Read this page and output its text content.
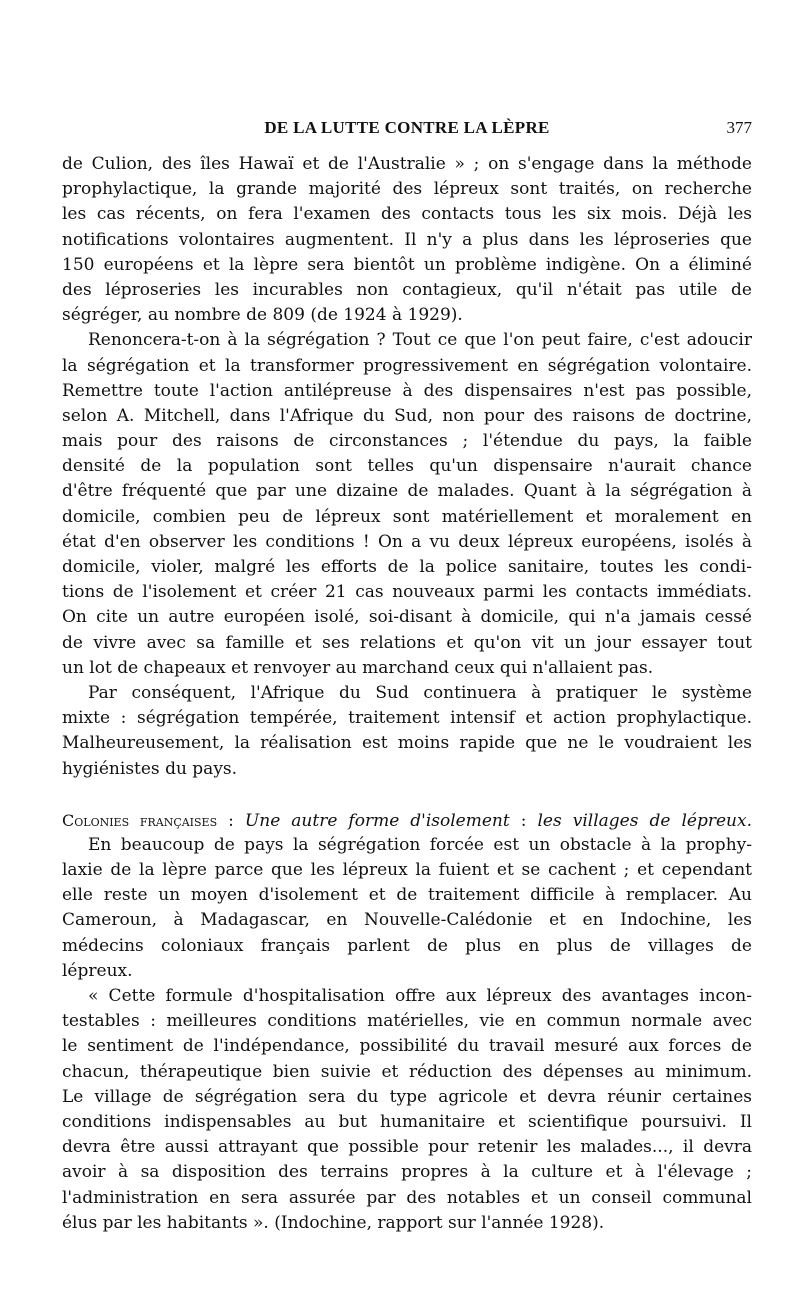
DE LA LUTTE CONTRE LA LÈPRE	377
de Culion, des îles Hawaï et de l'Australie » ; on s'engage dans la méthode
prophylactique, la grande majorité des lépreux sont traités, on recherche
les cas récents, on fera l'examen des contacts tous les six mois. Déjà les
notifications volontaires augmentent. Il n'y a plus dans les léproseries que
150 européens et la lèpre sera bientôt un problème indigène. On a éliminé
des léproseries les incurables non contagieux, qu'il n'était pas utile de
ségréger, au nombre de 809 (de 1924 à 1929).
Renoncera-t-on à la ségrégation ? Tout ce que l'on peut faire, c'est adoucir
la ségrégation et la transformer progressivement en ségrégation volontaire.
Remettre toute l'action antilépreuse à des dispensaires n'est pas possible,
selon A. Mitchell, dans l'Afrique du Sud, non pour des raisons de doctrine,
mais pour des raisons de circonstances ; l'étendue du pays, la faible
densité de la population sont telles qu'un dispensaire n'aurait chance
d'être fréquenté que par une dizaine de malades. Quant à la ségrégation à
domicile, combien peu de lépreux sont matériellement et moralement en
état d'en observer les conditions ! On a vu deux lépreux européens, isolés à
domicile, violer, malgré les efforts de la police sanitaire, toutes les condi-
tions de l'isolement et créer 21 cas nouveaux parmi les contacts immédiats.
On cite un autre européen isolé, soi-disant à domicile, qui n'a jamais cessé
de vivre avec sa famille et ses relations et qu'on vit un jour essayer tout
un lot de chapeaux et renvoyer au marchand ceux qui n'allaient pas.
Par conséquent, l'Afrique du Sud continuera à pratiquer le système
mixte : ségrégation tempérée, traitement intensif et action prophylactique.
Malheureusement, la réalisation est moins rapide que ne le voudraient les
hygiénistes du pays.
Colonies françaises : Une autre forme d'isolement : les villages de lépreux.
En beaucoup de pays la ségrégation forcée est un obstacle à la prophy-
laxie de la lèpre parce que les lépreux la fuient et se cachent ; et cependant
elle reste un moyen d'isolement et de traitement difficile à remplacer. Au
Cameroun, à Madagascar, en Nouvelle-Calédonie et en Indochine, les
médecins coloniaux français parlent de plus en plus de villages de
lépreux.
« Cette formule d'hospitalisation offre aux lépreux des avantages incon-
testables : meilleures conditions matérielles, vie en commun normale avec
le sentiment de l'indépendance, possibilité du travail mesuré aux forces de
chacun, thérapeutique bien suivie et réduction des dépenses au minimum.
Le village de ségrégation sera du type agricole et devra réunir certaines
conditions indispensables au but humanitaire et scientifique poursuivi. Il
devra être aussi attrayant que possible pour retenir les malades..., il devra
avoir à sa disposition des terrains propres à la culture et à l'élevage ;
l'administration en sera assurée par des notables et un conseil communal
élus par les habitants ». (Indochine, rapport sur l'année 1928).
